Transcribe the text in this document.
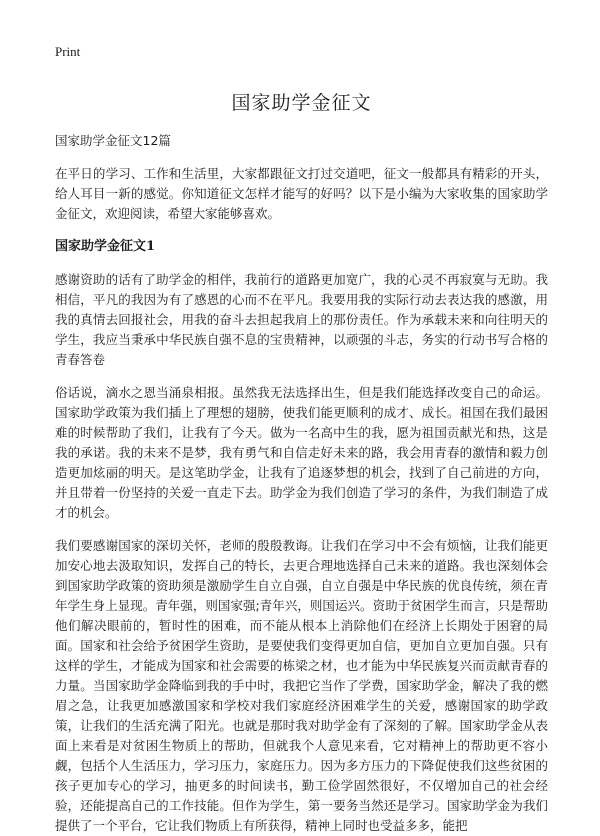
Print
国家助学金征文

国家助学金征文12篇

在平日的学习、工作和生活里，大家都跟征文打过交道吧，征文一般都具有精彩的开头，给人耳目一新的感觉。你知道征文怎样才能写的好吗？以下是小编为大家收集的国家助学金征文，欢迎阅读，希望大家能够喜欢。

国家助学金征文1

感谢资助的话有了助学金的相伴，我前行的道路更加宽广，我的心灵不再寂寞与无助。我相信，平凡的我因为有了感恩的心而不在平凡。我要用我的实际行动去表达我的感激，用我的真情去回报社会，用我的奋斗去担起我肩上的那份责任。作为承载未来和向往明天的学生，我应当秉承中华民族自强不息的宝贵精神，以顽强的斗志，务实的行动书写合格的青春答卷

俗话说，滴水之恩当涌泉相报。虽然我无法选择出生，但是我们能选择改变自己的命运。国家助学政策为我们插上了理想的翅膀，使我们能更顺利的成才、成长。祖国在我们最困难的时候帮助了我们，让我有了今天。做为一名高中生的我，愿为祖国贡献光和热，这是我的承诺。我的未来不是梦，我有勇气和自信走好未来的路，我会用青春的激情和毅力创造更加炫丽的明天。是这笔助学金，让我有了追逐梦想的机会，找到了自己前进的方向，并且带着一份坚持的关爱一直走下去。助学金为我们创造了学习的条件，为我们制造了成才的机会。

我们要感谢国家的深切关怀，老师的殷殷教诲。让我们在学习中不会有烦恼，让我们能更加安心地去汲取知识，发挥自己的特长，去更合理地选择自己未来的道路。我也深刻体会到国家助学政策的资助须是激励学生自立自强，自立自强是中华民族的优良传统，须在青年学生身上显现。青年强，则国家强;青年兴，则国运兴。资助于贫困学生而言，只是帮助他们解决眼前的，暂时性的困难，而不能从根本上消除他们在经济上长期处于困窘的局面。国家和社会给予贫困学生资助，是要使我们变得更加自信，更加自立更加自强。只有这样的学生，才能成为国家和社会需要的栋梁之材，也才能为中华民族复兴而贡献青春的力量。当国家助学金降临到我的手中时，我把它当作了学费，国家助学金，解决了我的燃眉之急，让我更加感激国家和学校对我们家庭经济困难学生的关爱，感谢国家的助学政策，让我们的生活充满了阳光。也就是那时我对助学金有了深刻的了解。国家助学金从表面上来看是对贫困生物质上的帮助，但就我个人意见来看，它对精神上的帮助更不容小觑，包括个人生活压力，学习压力，家庭压力。因为多方压力的下降促使我们这些贫困的孩子更加专心的学习，抽更多的时间读书，勤工俭学固然很好，不仅增加自己的社会经验，还能提高自己的工作技能。但作为学生，第一要务当然还是学习。国家助学金为我们提供了一个平台，它让我们物质上有所获得，精神上同时也受益多多，能把
